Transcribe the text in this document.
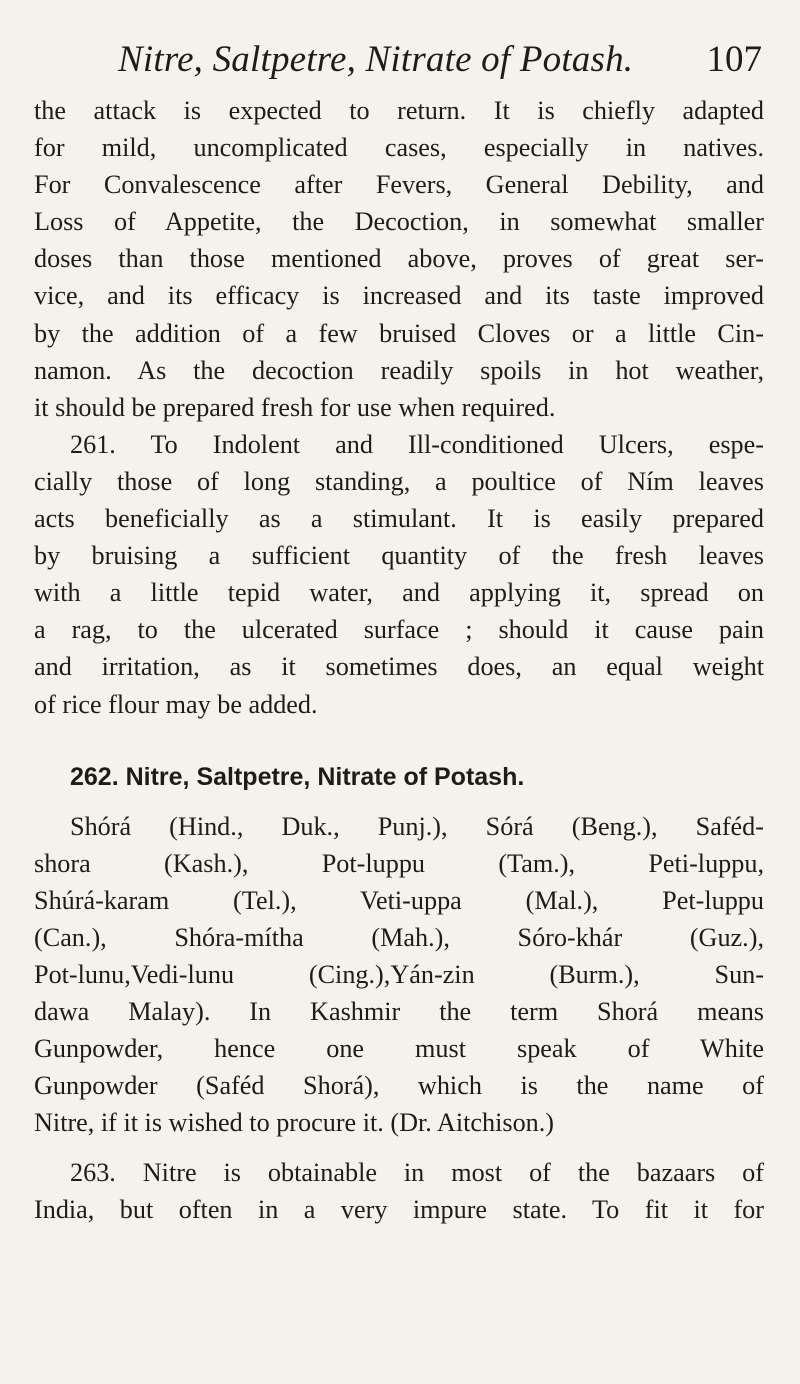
Nitre, Saltpetre, Nitrate of Potash. 107
the attack is expected to return. It is chiefly adapted
for mild, uncomplicated cases, especially in natives.
For Convalescence after Fevers, General Debility, and
Loss of Appetite, the Decoction, in somewhat smaller
doses than those mentioned above, proves of great ser-
vice, and its efficacy is increased and its taste improved
by the addition of a few bruised Cloves or a little Cin-
namon. As the decoction readily spoils in hot weather,
it should be prepared fresh for use when required.
261. To Indolent and Ill-conditioned Ulcers, espe-
cially those of long standing, a poultice of Ním leaves
acts beneficially as a stimulant. It is easily prepared
by bruising a sufficient quantity of the fresh leaves
with a little tepid water, and applying it, spread on
a rag, to the ulcerated surface ; should it cause pain
and irritation, as it sometimes does, an equal weight
of rice flour may be added.
262. Nitre, Saltpetre, Nitrate of Potash.
Shórá (Hind., Duk., Punj.), Sórá (Beng.), Saféd-
shora (Kash.), Pot-luppu (Tam.), Peti-luppu,
Shúrá-karam (Tel.), Veti-uppa (Mal.), Pet-luppu
(Can.), Shóra-mítha (Mah.), Sóro-khár (Guz.),
Pot-lunu,Vedi-lunu (Cing.),Yán-zin (Burm.), Sun-
dawa Malay). In Kashmir the term Shorá means
Gunpowder, hence one must speak of White
Gunpowder (Saféd Shorá), which is the name of
Nitre, if it is wished to procure it. (Dr. Aitchison.)
263. Nitre is obtainable in most of the bazaars of
India, but often in a very impure state. To fit it for
